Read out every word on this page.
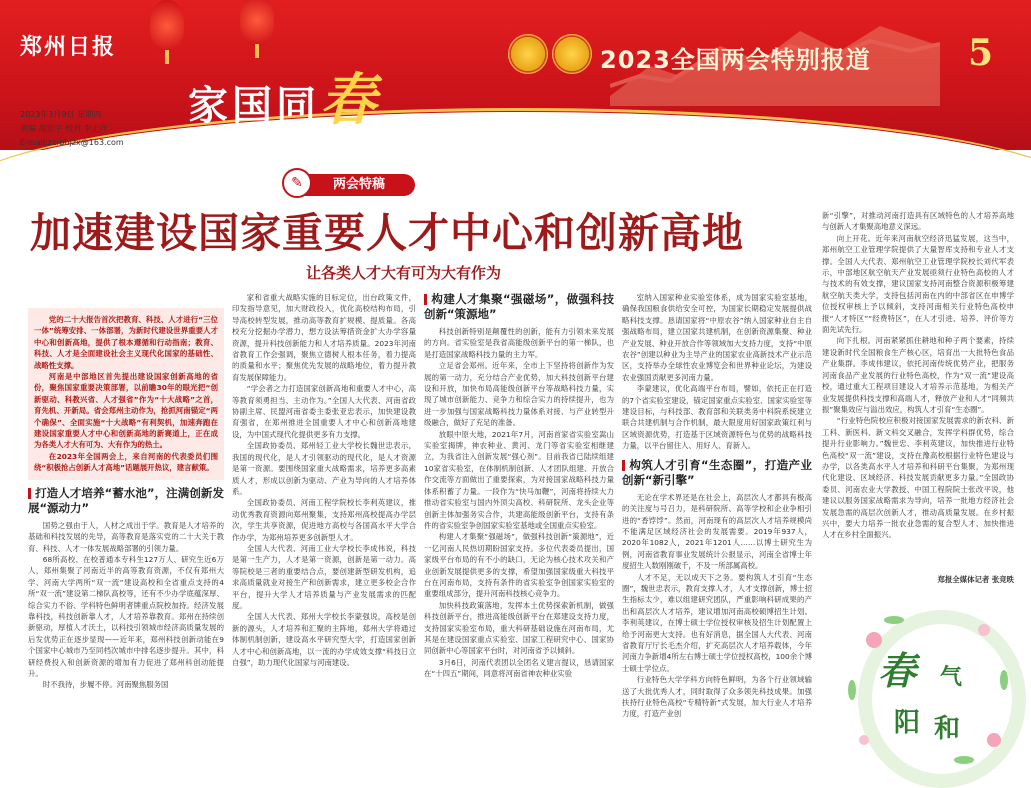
郑州日报
家国同春
2023全国两会特别报道	5
2023年3月9日 星期四
责编 高宏宇 校对 李正洋
E-mail:zzrbhjzx@163.com
两会特稿
✎
加速建设国家重要人才中心和创新高地
让各类人才大有可为大有作为

党的二十大报告首次把教育、科技、人才进行“三位一体”统筹安排、一体部署，为新时代建设世界重要人才中心和创新高地，提供了根本遵循和行动指南；教育、科技、人才是全面建设社会主义现代化国家的基础性、战略性支撑。

河南是中部地区首先提出建设国家创新高地的省份，聚焦国家重要决策部署，以前瞻30年的眼光把“创新驱动、科教兴省、人才强省”作为“十大战略”之首，育先机、开新局。省会郑州主动作为，抢抓河南锚定“两个确保”、全面实施“十大战略”有利契机，加速奔跑在建设国家重要人才中心和创新高地的新赛道上，正在成为各类人才大有可为、大有作为的热土。

在2023年全国两会上，来自河南的代表委员们围绕“积极抢占创新人才高地”话题展开热议，建言献策。

打造人才培养“蓄水池”，注满创新发展“源动力”

国势之强由于人，人材之成出于学。教育是人才培养的基础和科技发展的先导，高等教育是落实党的二十大关于教育、科技、人才一体发展战略部署的引领力量。

68所高校、在校普通本专科生127万人、研究生近6万人，郑州集聚了河南近半的高等教育资源，不仅有郑州大学、河南大学两所“双一流”建设高校和全省重点支持的4所“双一流”建设第二梯队高校等，还有不少办学底蕴深厚、综合实力不俗、学科特色鲜明者牌重点院校加持。经济发展靠科技，科技创新靠人才，人才培养靠教育。郑州在持续创新驱动，厚植人才沃土，以科技引领城市经济高质量发展的后发优势正在逐步显现——近年来，郑州科技创新动能在9个国家中心城市乃至同档次城市中排名逐步提升。其中，科研经费投入和创新资源的增加有力促进了郑州科创动能提升。

时不我待，步履不停。河南聚焦服务国

家和省重大战略实施的目标定位，出台政策文件，印发指导意见，加大财政投入，优化高校结构布局，引导高校转型发展，推动高等教育扩规模、提质量。各高校充分挖掘办学潜力，想方设法筹措资金扩大办学容量资源，提升科技创新能力和人才培养质量。2023年河南省教育工作会强调，聚焦立德树人根本任务，着力提高的质量和水平；聚焦优先发展的战略地位，着力提升教育发展保障能力。

“学会者之力打造国家创新高地和重要人才中心，高等教育须勇担当、主动作为。”全国人大代表、河南省政协副主席、民盟河南省委主委张亚忠表示，加快建设教育强省，在郑州推进全国重要人才中心和创新高地建设，为中国式现代化提供更多有力支撑。

全国政协委员、郑州轻工业大学校长魏世忠表示，我国的现代化，是人才引领驱动的现代化，是人才资源是第一资源。要围绕国家重大战略需求，培养更多高素质人才，形成以创新为驱动、产业为导向的人才培养体系。

全国政协委员、河南工程学院校长李利英建议，推动优秀教育资源向郑州聚集，支持郑州高校提高办学层次，学生共享资源，促进地方高校与各国高水平大学合作办学，为郑州培养更多创新型人才。

全国人大代表、河南工业大学校长李成伟说，科技是第一生产力，人才是第一资源，创新是第一动力。高等院校是三者的重要结合点，要创建新型研发机构，追求高质量就业对接生产和创新需求，建立更多校企合作平台，提升大学人才培养质量与产业发展需求的匹配度。

全国人大代表、郑州大学校长李蒙强说，高校是创新的源头，人才培养和汇聚的主阵地，郑州大学将通过体制机制创新，建设高水平研究型大学，打造国家创新人才中心和创新高地，以一流的办学成效支撑“科技日立自强”，助力现代化国家与河南建设。

构建人才集聚“强磁场”，做强科技创新“策源地”

科技创新特别是颠覆性的创新，能有力引领未来发展的方向。省实验室是我省高能级创新平台的第一梯队，也是打造国家战略科技力量的主力军。

立足省会郑州。近年来，全市上下坚持将创新作为发展的第一动力，充分结合产业优势，加大科技创新平台建设和开放，加快布局高能级创新平台等战略科技力量，实现了城市创新能力、竞争力和综合实力的持续提升，也为进一步加强与国家战略科技力量体系对接、与产业转型升级融合，做好了充足的准备。

放眼中原大地，2021年7月，河南首家省实验室嵩山实验室揭牌，神农种业、黄河、龙门等省实验室相继建立，为我省注入创新发展“强心剂”。目前我省已陆续组建10家省实验室，在体制机制创新、人才团队组建、开放合作交流等方面做出了重要探索，为对接国家战略科技力量体系积蓄了力量。一段作为“快马加鞭”，河南将持续大力推动省实验室与国内外顶尖高校、科研院所、龙头企业等创新主体加强务实合作，共建高能级创新平台，支持有条件的省实验室争创国家实验室基地或全国重点实验室。

构建人才集聚“强磁场”，做强科技创新“策源地”，近一亿河南人民热切期盼国家支持。多位代表委员提出，国家级平台布局的有不小的缺口，无论为核心技术攻关和产业创新发展提供更多的支撑，希望加强国家级重大科技平台在河南布局，支持有条件的省实验室争创国家实验室的重要组成部分，提升河南科技核心竞争力。

加快科技政策落地，发挥本土优势探索新机制，做强科技创新平台，推进高能级创新平台在郑建设支持力度，支持国家实验室布局，重大科研基础设施在河南布局，尤其是在建设国家重点实验室、国家工程研究中心、国家协同创新中心等国家平台时，对河南省予以倾斜。

3月6日，河南代表团以全团名义建言提议，恳请国家在“十四五”期间，同意将河南省神农种业实验

室纳入国家种业实验室体系，成为国家实验室基地，确保我国粮食供给安全可控，为国家长期稳定发展提供战略科技支撑。恳请国家将“中原农谷”纳入国家种业自主自强战略布局，建立国家共建机制，在创新资源集聚、种业产业发展、种业开放合作等领域加大支持力度，支持“中原农谷”创建以种业为主导产业的国家农业高新技术产业示范区，支持举办全球性农业博览会和世界种业论坛，为建设农业强国贡献更多河南力量。

李蒙建议，优化高端平台布局，譬如，依托正在打造的7个省实验室建设，锚定国家重点实验室、国家实验室等建设目标，与科技部、教育部和关联类务中科院系统建立联合共建机制与合作机制，最大限度用好国家政策红利与区域资源优势，打造基于区域资源特色与优势的战略科技力量，以平台留住人、用好人、育新人。

构筑人才引育“生态圈”，打造产业创新“新引擎”

无论在学术界还是在社会上，高层次人才都具有极高的关注度与号召力，是科研院所、高等学校和企业争相引进的“香饽饽”。然而，河南现有的高层次人才培养规模尚不能满足区域经济社会的发展需要。2019年937人，2020年1082人，2021年1201人……以博士研究生为例，河南省教育事业发展统计公报显示，河南全省博士年度招生人数刚刚破千，不及一所部属高校。

人才不足，无以成天下之务。要构筑人才引育“生态圈”，魏世忠表示，教育支撑人才，人才支撑创新，博士招生指标太少，难以组建研究团队，严重影响科研成果的产出和高层次人才培养，建议增加河南高校硕博招生计划。李利英建议，在博士硕士学位授权审核及招生计划配置上给予河南更大支持。也有好消息，据全国人大代表、河南省教育厅厅长毛杰介绍，扩充高层次人才培养载体，今年河南力争新增4所左右博士硕士学位授权高校，100余个博士硕士学位点。

行业特色大学学科方向特色鲜明，为各个行业领域输送了大批优秀人才，同时取得了众多领先科技成果。加强扶持行业特色高校“专精特新”式发展，加大行业人才培养力度，打造产业创

新“引擎”，对推动河南打造具有区域特色的人才培养高地与创新人才集聚高地意义深远。

向上开花。近年来河南航空经济迅猛发展，这当中，郑州航空工业管理学院提供了大量智库支持和专业人才支撑。全国人大代表、郑州航空工业管理学院校长刘代军表示，中部地区航空航天产业发展亟须行业特色高校的人才与技术的有效支撑，建议国家支持河南整合资源积极筹建航空航天类大学，支持包括河南在内的中部省区在申博学位授权审核上予以倾斜，支持河南相关行业特色高校申报“人才特区”“经费特区”，在人才引进、培养、评价等方面先试先行。

向下扎根。河南紧紧抓住耕地和种子两个要素，持续建设新时代全国粮食生产核心区，培育出一大批特色食品产业集群。李成伟建议，依托河南传统优势产业，把服务河南食品产业发展的行业特色高校，作为“双一流”建设高校，通过重大工程项目建设人才培养示范基地，为相关产业发展提供科技支撑和高端人才，释放产业和人才“同频共振”聚集效应与溢出效应，构筑人才引育“生态圈”。

“行业特色院校应积极对接国家发展需求的新农科、新工科、新医科、新文科交叉融合，发挥学科群优势，综合提升行业影响力。”魏世忠、李利英建议，加快推进行业特色高校“双一流”建设，支持在豫高校根据行业特色建设与办学，以各类高水平人才培养和科研平台集聚，为郑州现代化建设、区域经济、科技发展贡献更多力量。”全国政协委员、河南农业大学教授、中国工程院院士张改平说，他建议以服务国家战略需求为导向，培养一批地方经济社会发展急需的高层次创新人才，推动高质量发展。在乡村振兴中，要大力培养一批农业急需的复合型人才、加快推进人才在乡村全面振兴。

郑报全媒体记者 张竞昳
春 气
阳 和
